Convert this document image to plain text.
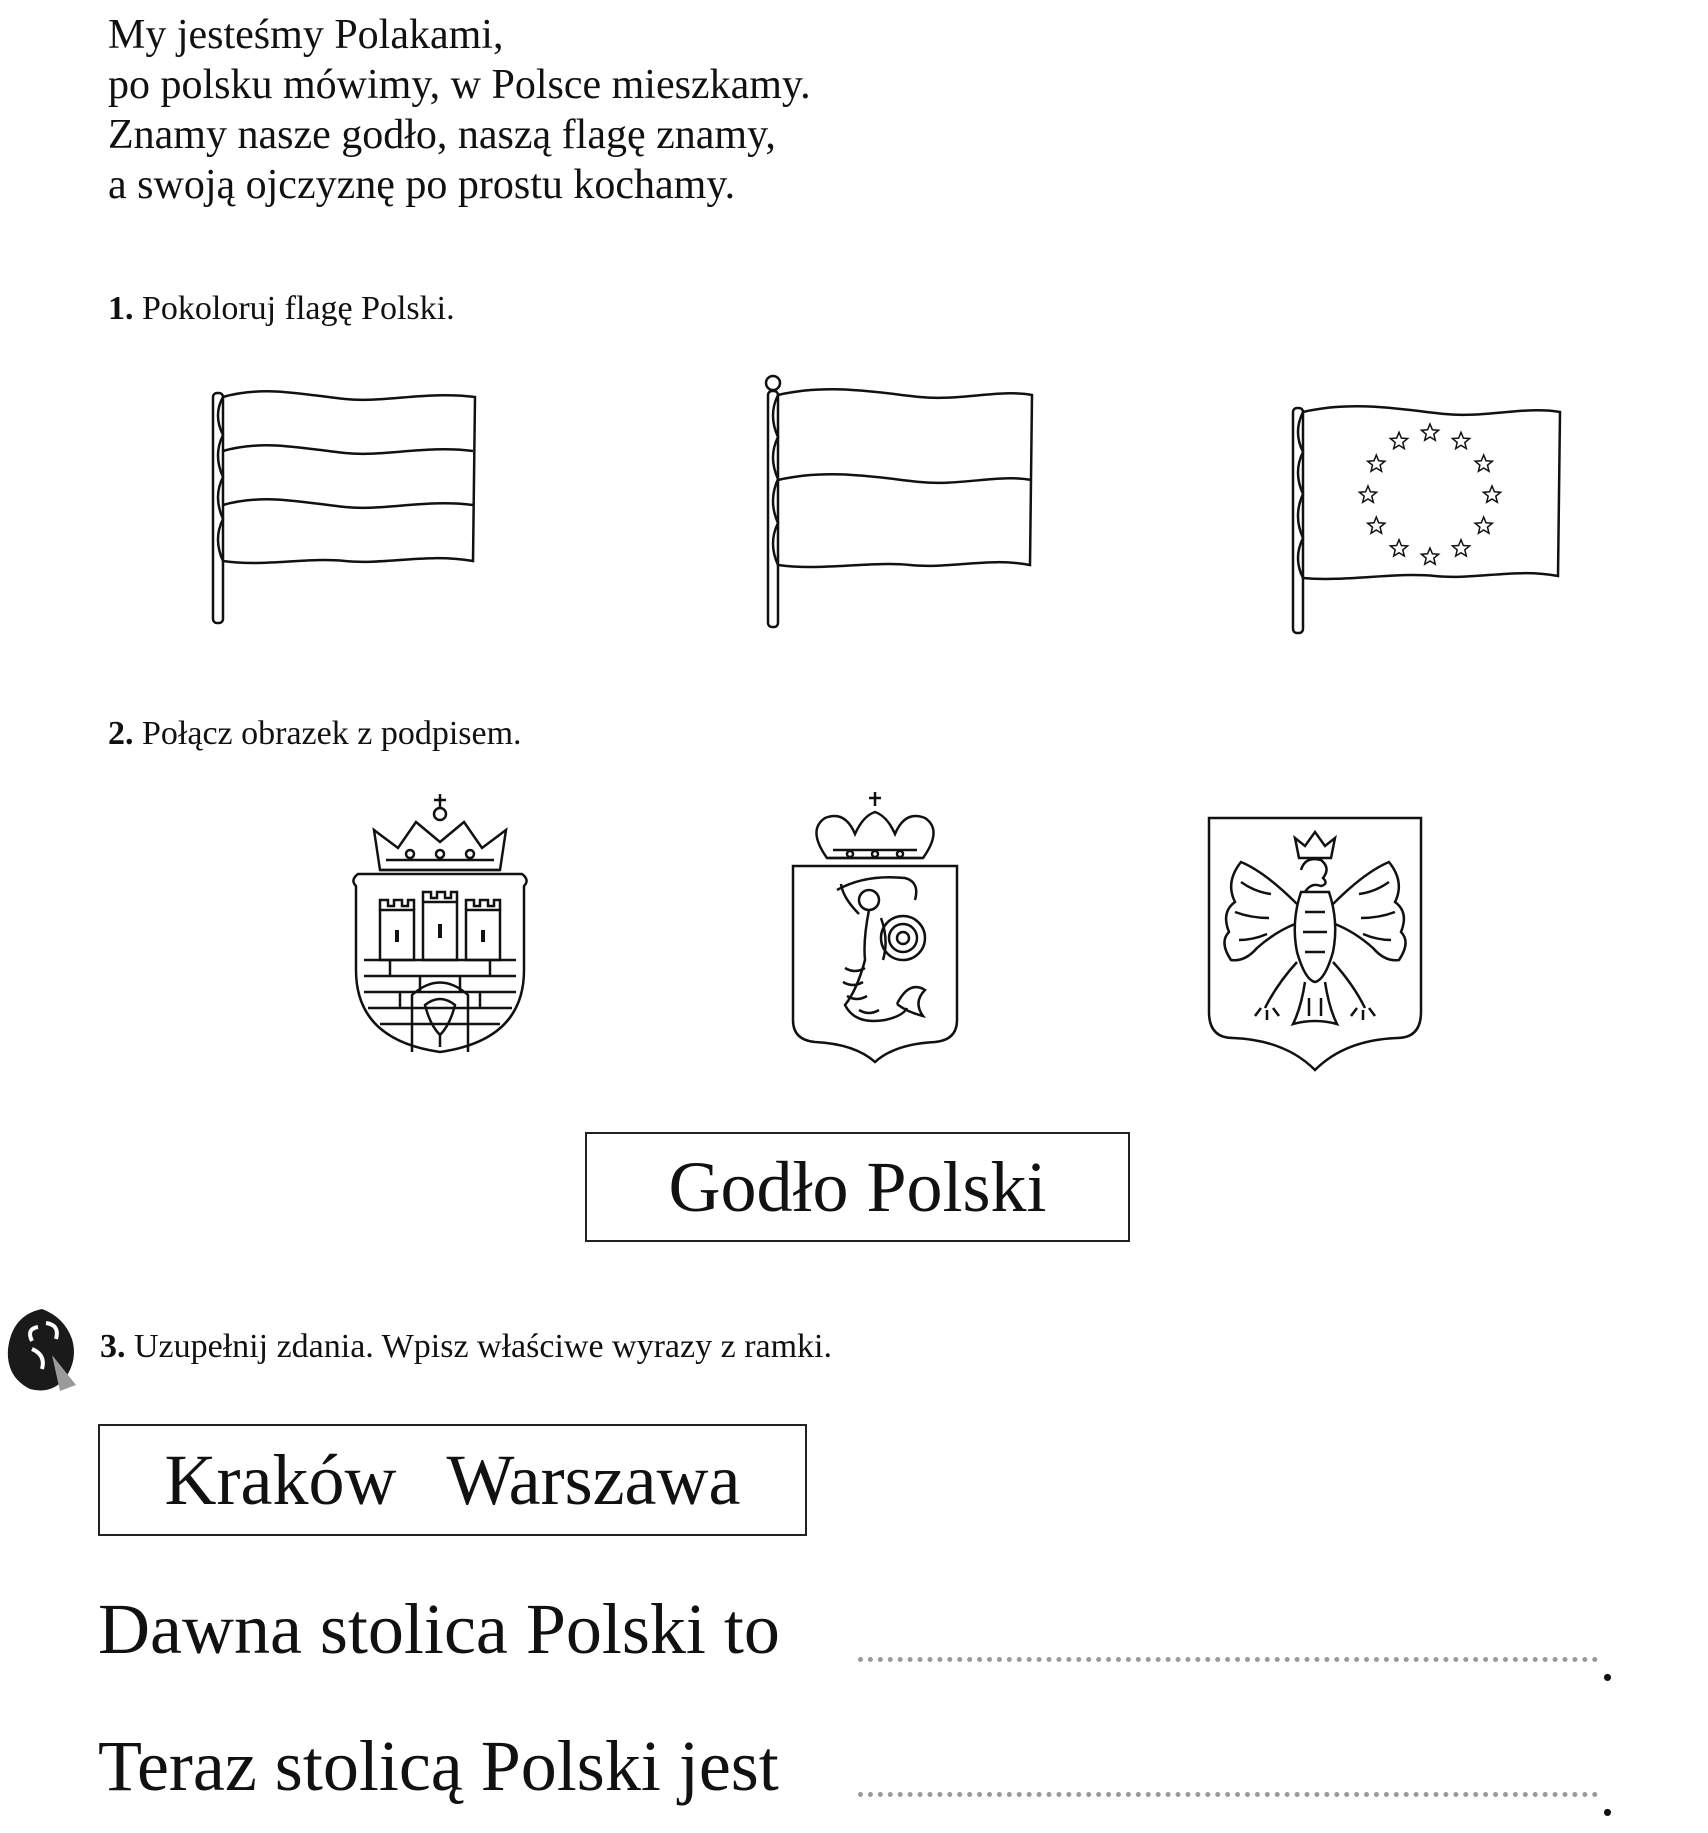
My jesteśmy Polakami,
po polsku mówimy, w Polsce mieszkamy.
Znamy nasze godło, naszą flagę znamy,
a swoją ojczyznę po prostu kochamy.
1. Pokoloruj flagę Polski.
2. Połącz obrazek z podpisem.
Godło Polski
3. Uzupełnij zdania. Wpisz właściwe wyrazy z ramki.
Kraków Warszawa
Dawna stolica Polski to	.
Teraz stolicą Polski jest	.
